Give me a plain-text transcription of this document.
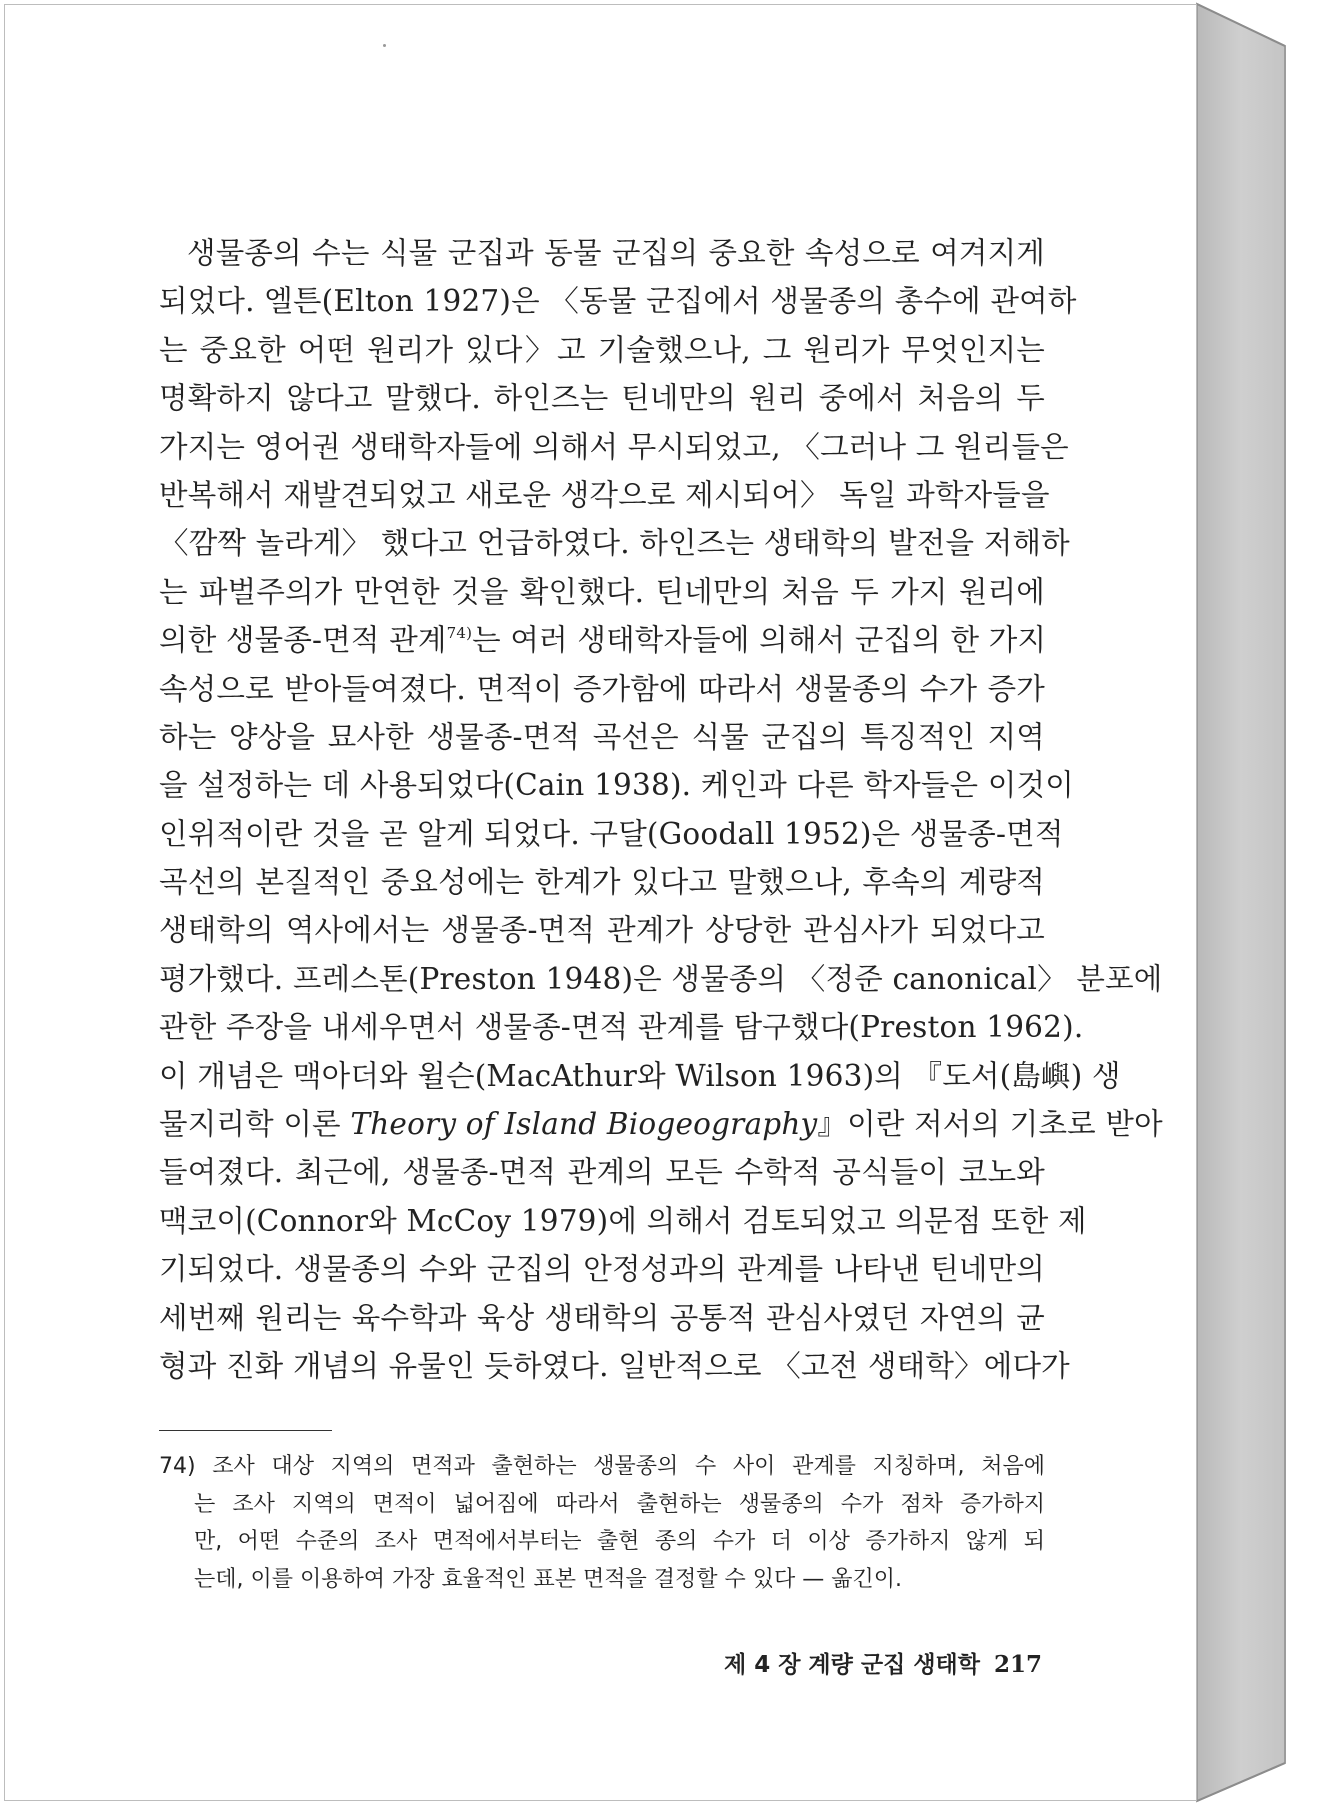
생물종의 수는 식물 군집과 동물 군집의 중요한 속성으로 여겨지게
되었다. 엘튼(Elton 1927)은 〈동물 군집에서 생물종의 총수에 관여하
는 중요한 어떤 원리가 있다〉고 기술했으나, 그 원리가 무엇인지는
명확하지 않다고 말했다. 하인즈는 틴네만의 원리 중에서 처음의 두
가지는 영어권 생태학자들에 의해서 무시되었고, 〈그러나 그 원리들은
반복해서 재발견되었고 새로운 생각으로 제시되어〉 독일 과학자들을
〈깜짝 놀라게〉 했다고 언급하였다. 하인즈는 생태학의 발전을 저해하
는 파벌주의가 만연한 것을 확인했다. 틴네만의 처음 두 가지 원리에
의한 생물종-면적 관계$^{74)}$는 여러 생태학자들에 의해서 군집의 한 가지
속성으로 받아들여졌다. 면적이 증가함에 따라서 생물종의 수가 증가
하는 양상을 묘사한 생물종-면적 곡선은 식물 군집의 특징적인 지역
을 설정하는 데 사용되었다(Cain 1938). 케인과 다른 학자들은 이것이
인위적이란 것을 곧 알게 되었다. 구달(Goodall 1952)은 생물종-면적
곡선의 본질적인 중요성에는 한계가 있다고 말했으나, 후속의 계량적
생태학의 역사에서는 생물종-면적 관계가 상당한 관심사가 되었다고
평가했다. 프레스톤(Preston 1948)은 생물종의 〈정준 canonical〉 분포에
관한 주장을 내세우면서 생물종-면적 관계를 탐구했다(Preston 1962).
이 개념은 맥아더와 윌슨(MacAthur와 Wilson 1963)의 『도서(島嶼) 생
물지리학 이론 Theory of Island Biogeography』이란 저서의 기초로 받아
들여졌다. 최근에, 생물종-면적 관계의 모든 수학적 공식들이 코노와
맥코이(Connor와 McCoy 1979)에 의해서 검토되었고 의문점 또한 제
기되었다. 생물종의 수와 군집의 안정성과의 관계를 나타낸 틴네만의
세번째 원리는 육수학과 육상 생태학의 공통적 관심사였던 자연의 균
형과 진화 개념의 유물인 듯하였다. 일반적으로 〈고전 생태학〉에다가
74) 조사 대상 지역의 면적과 출현하는 생물종의 수 사이 관계를 지칭하며, 처음에
는 조사 지역의 면적이 넓어짐에 따라서 출현하는 생물종의 수가 점차 증가하지
만, 어떤 수준의 조사 면적에서부터는 출현 종의 수가 더 이상 증가하지 않게 되
는데, 이를 이용하여 가장 효율적인 표본 면적을 결정할 수 있다 — 옮긴이.
제 4 장 계량 군집 생태학 217
